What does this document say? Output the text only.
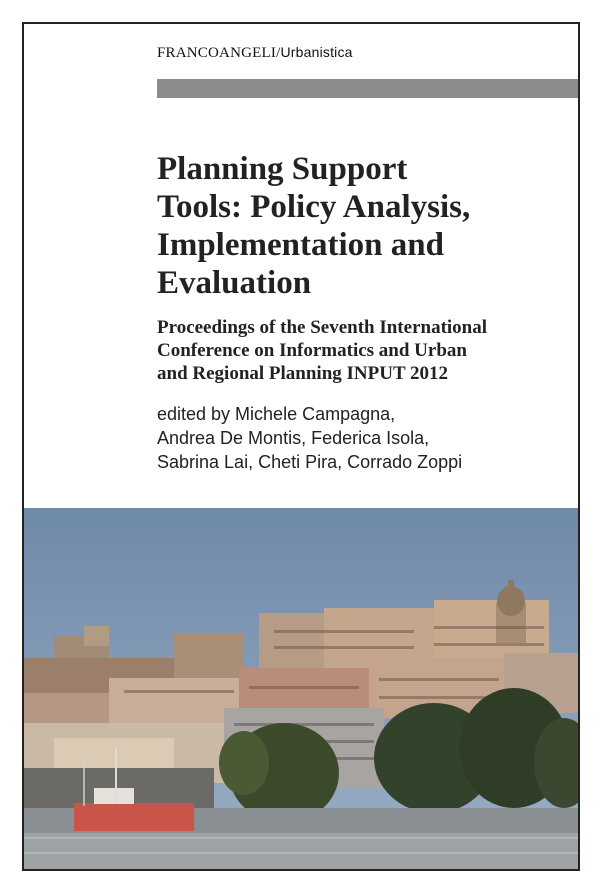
FRANCOANGELI/Urbanistica
Planning Support
Tools: Policy Analysis,
Implementation and
Evaluation
Proceedings of the Seventh International
Conference on Informatics and Urban
and Regional Planning INPUT 2012
edited by Michele Campagna,
Andrea De Montis, Federica Isola,
Sabrina Lai, Cheti Pira, Corrado Zoppi
